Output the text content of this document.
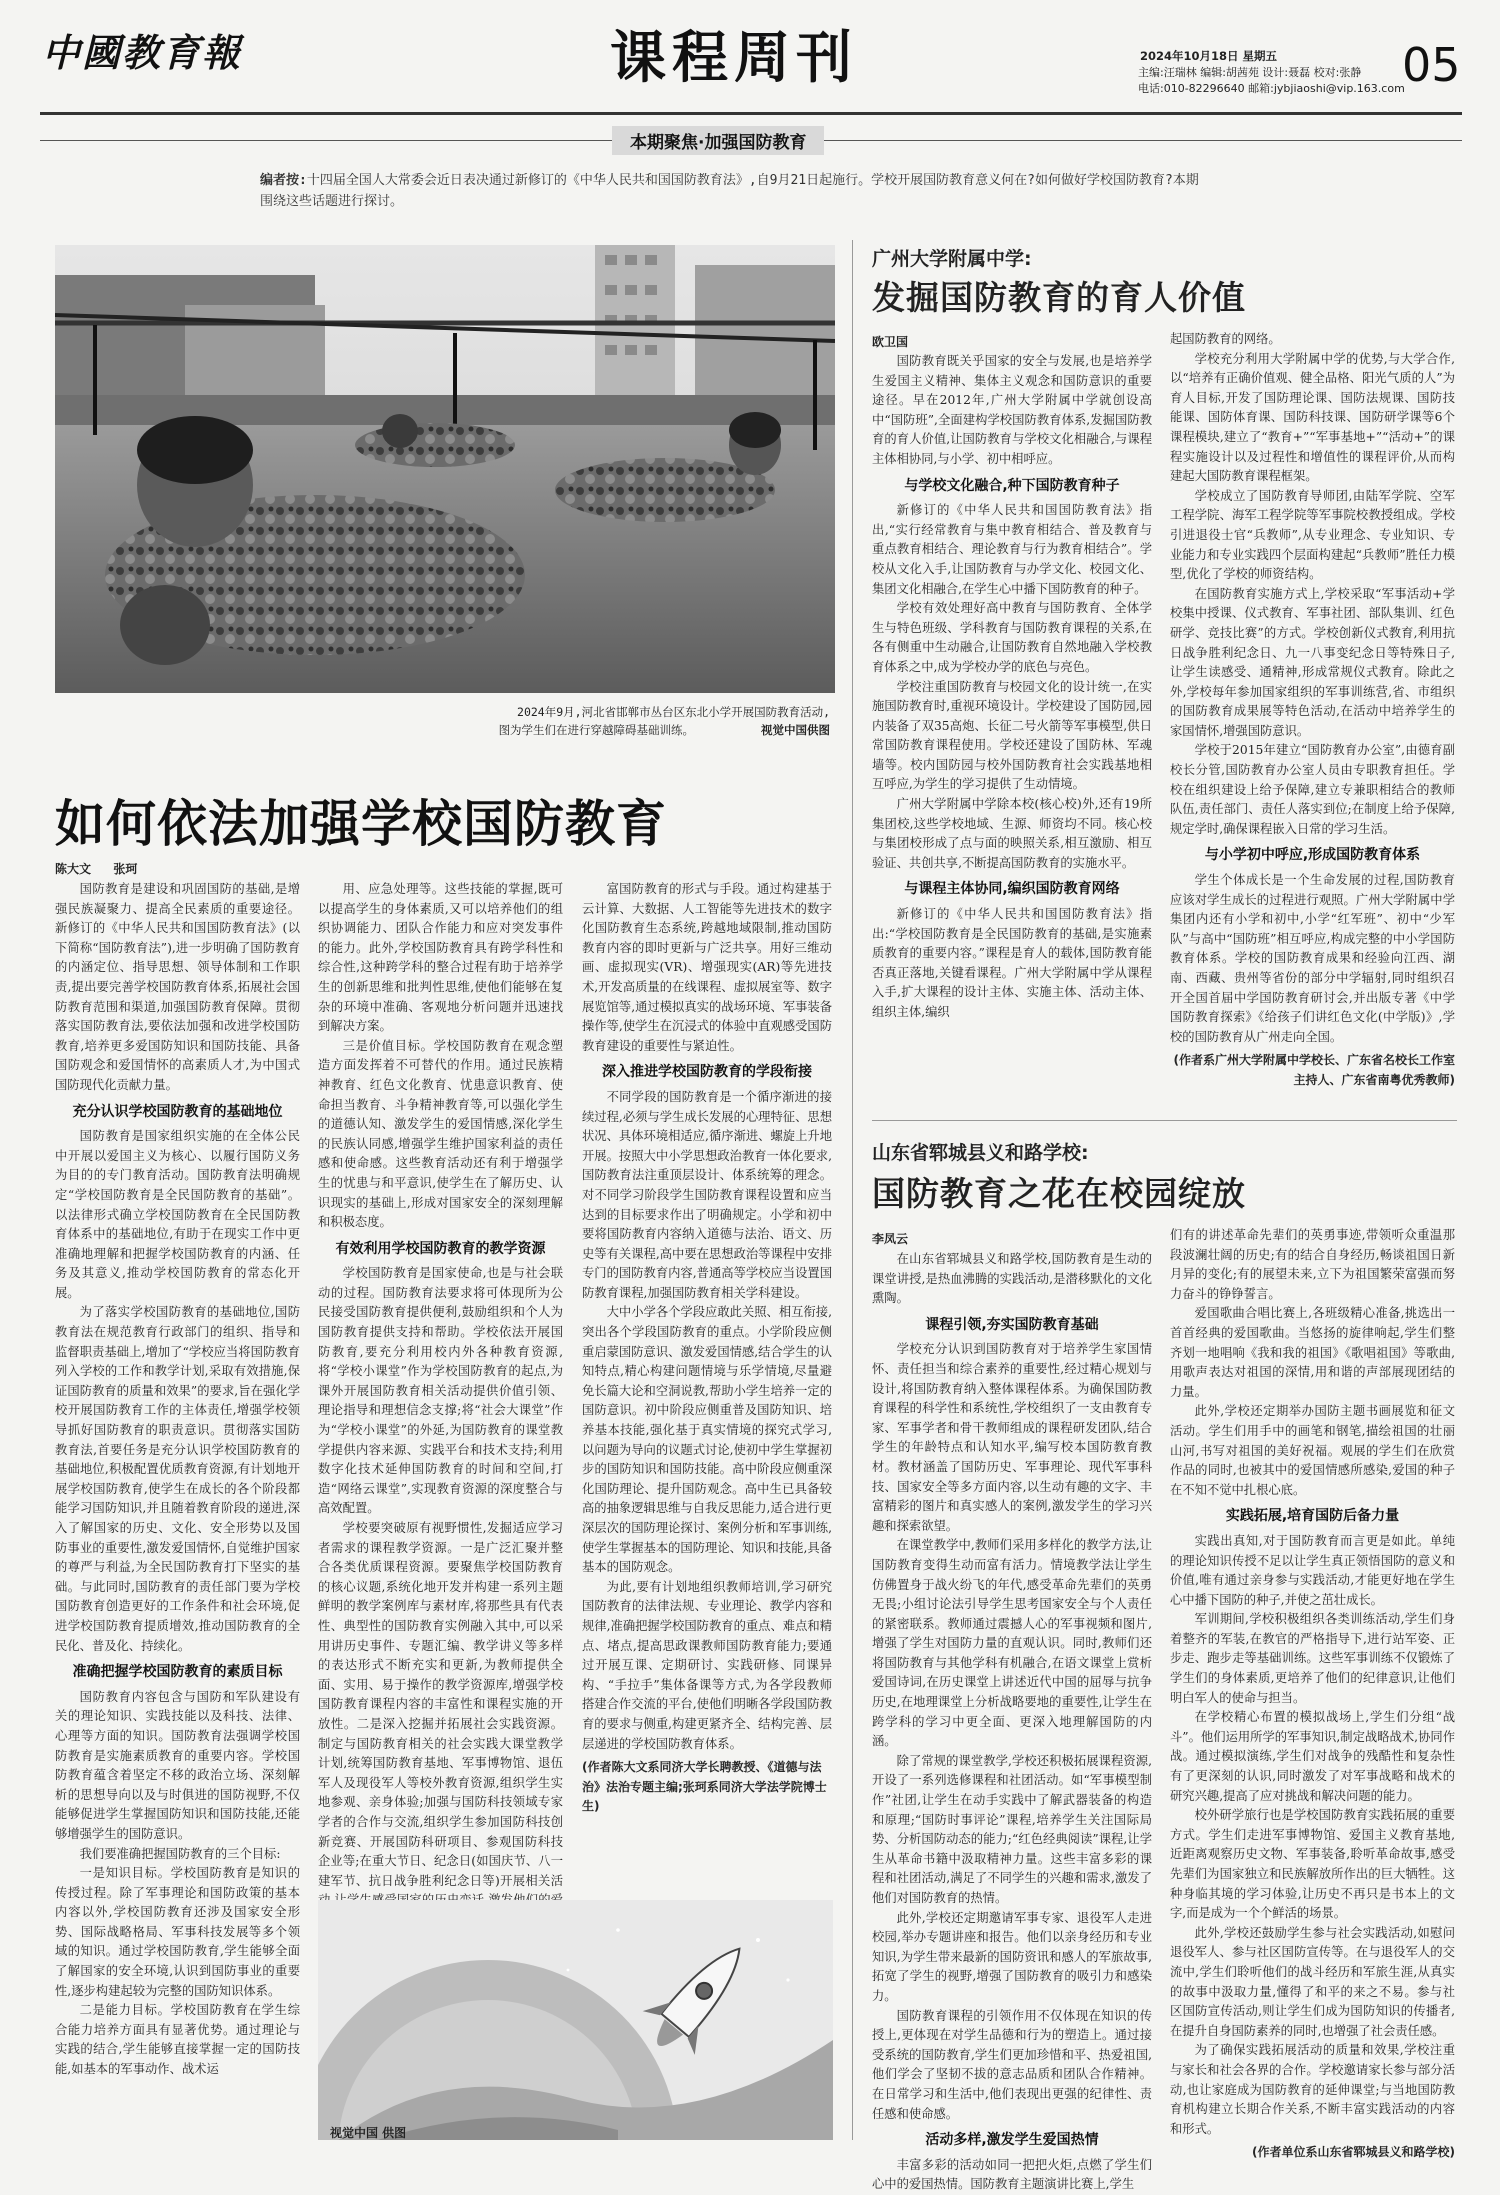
中國教育報	课程周刊	2024年10月18日 星期五
主编:汪瑞林 编辑:胡茜苑 设计:聂磊 校对:张静
电话:010-82296640 邮箱:jybjiaoshi@vip.163.com
05
本期聚焦·加强国防教育
编者按:十四届全国人大常委会近日表决通过新修订的《中华人民共和国国防教育法》,自9月21日起施行。学校开展国防教育意义何在?如何做好学校国防教育?本期围绕这些话题进行探讨。
2024年9月,河北省邯郸市丛台区东北小学开展国防教育活动,
图为学生们在进行穿越障碍基础训练。	视觉中国供图
如何依法加强学校国防教育
陈大文 张珂

国防教育是建设和巩固国防的基础,是增强民族凝聚力、提高全民素质的重要途径。新修订的《中华人民共和国国防教育法》(以下简称“国防教育法”),进一步明确了国防教育的内涵定位、指导思想、领导体制和工作职责,提出要完善学校国防教育体系,拓展社会国防教育范围和渠道,加强国防教育保障。贯彻落实国防教育法,要依法加强和改进学校国防教育,培养更多爱国防知识和国防技能、具备国防观念和爱国情怀的高素质人才,为中国式国防现代化贡献力量。

充分认识学校国防教育的基础地位

国防教育是国家组织实施的在全体公民中开展以爱国主义为核心、以履行国防义务为目的的专门教育活动。国防教育法明确规定“学校国防教育是全民国防教育的基础”。以法律形式确立学校国防教育在全民国防教育体系中的基础地位,有助于在现实工作中更准确地理解和把握学校国防教育的内涵、任务及其意义,推动学校国防教育的常态化开展。

为了落实学校国防教育的基础地位,国防教育法在规范教育行政部门的组织、指导和监督职责基础上,增加了“学校应当将国防教育列入学校的工作和教学计划,采取有效措施,保证国防教育的质量和效果”的要求,旨在强化学校开展国防教育工作的主体责任,增强学校领导抓好国防教育的职责意识。贯彻落实国防教育法,首要任务是充分认识学校国防教育的基础地位,积极配置优质教育资源,有计划地开展学校国防教育,使学生在成长的各个阶段都能学习国防知识,并且随着教育阶段的递进,深入了解国家的历史、文化、安全形势以及国防事业的重要性,激发爱国情怀,自觉维护国家的尊严与利益,为全民国防教育打下坚实的基础。与此同时,国防教育的责任部门要为学校国防教育创造更好的工作条件和社会环境,促进学校国防教育提质增效,推动国防教育的全民化、普及化、持续化。

准确把握学校国防教育的素质目标

国防教育内容包含与国防和军队建设有关的理论知识、实践技能以及科技、法律、心理等方面的知识。国防教育法强调学校国防教育是实施素质教育的重要内容。学校国防教育蕴含着坚定不移的政治立场、深刻解析的思想导向以及与时俱进的国防视野,不仅能够促进学生掌握国防知识和国防技能,还能够增强学生的国防意识。

我们要准确把握国防教育的三个目标:

一是知识目标。学校国防教育是知识的传授过程。除了军事理论和国防政策的基本内容以外,学校国防教育还涉及国家安全形势、国际战略格局、军事科技发展等多个领域的知识。通过学校国防教育,学生能够全面了解国家的安全环境,认识到国防事业的重要性,逐步构建起较为完整的国防知识体系。

二是能力目标。学校国防教育在学生综合能力培养方面具有显著优势。通过理论与实践的结合,学生能够直接掌握一定的国防技能,如基本的军事动作、战术运

用、应急处理等。这些技能的掌握,既可以提高学生的身体素质,又可以培养他们的组织协调能力、团队合作能力和应对突发事件的能力。此外,学校国防教育具有跨学科性和综合性,这种跨学科的整合过程有助于培养学生的创新思维和批判性思维,使他们能够在复杂的环境中准确、客观地分析问题并迅速找到解决方案。

三是价值目标。学校国防教育在观念塑造方面发挥着不可替代的作用。通过民族精神教育、红色文化教育、忧患意识教育、使命担当教育、斗争精神教育等,可以强化学生的道德认知、激发学生的爱国情感,深化学生的民族认同感,增强学生维护国家利益的责任感和使命感。这些教育活动还有利于增强学生的忧患与和平意识,使学生在了解历史、认识现实的基础上,形成对国家安全的深刻理解和积极态度。

有效利用学校国防教育的教学资源

学校国防教育是国家使命,也是与社会联动的过程。国防教育法要求将可体现所为公民接受国防教育提供便利,鼓励组织和个人为国防教育提供支持和帮助。学校依法开展国防教育,要充分利用校内外各种教育资源,将“学校小课堂”作为学校国防教育的起点,为课外开展国防教育相关活动提供价值引领、理论指导和理想信念支撑;将“社会大课堂”作为“学校小课堂”的外延,为国防教育的课堂教学提供内容来源、实践平台和技术支持;利用数字化技术延伸国防教育的时间和空间,打造“网络云课堂”,实现教育资源的深度整合与高效配置。

学校要突破原有视野惯性,发掘适应学习者需求的课程教学资源。一是广泛汇聚并整合各类优质课程资源。要聚焦学校国防教育的核心议题,系统化地开发并构建一系列主题鲜明的教学案例库与素材库,将那些具有代表性、典型性的国防教育实例融入其中,可以采用讲历史事件、专题汇编、教学讲义等多样的表达形式不断充实和更新,为教师提供全面、实用、易于操作的教学资源库,增强学校国防教育课程内容的丰富性和课程实施的开放性。二是深入挖掘并拓展社会实践资源。制定与国防教育相关的社会实践大课堂教学计划,统筹国防教育基地、军事博物馆、退伍军人及现役军人等校外教育资源,组织学生实地参观、亲身体验;加强与国防科技领域专家学者的合作与交流,组织学生参加国防科技创新竞赛、开展国防科研项目、参观国防科技企业等;在重大节日、纪念日(如国庆节、八一建军节、抗日战争胜利纪念日等)开展相关活

富国防教育的形式与手段。通过构建基于云计算、大数据、人工智能等先进技术的数字化国防教育生态系统,跨越地域限制,推动国防教育内容的即时更新与广泛共享。用好三维动画、虚拟现实(VR)、增强现实(AR)等先进技术,开发高质量的在线课程、虚拟展室等、数字展览馆等,通过模拟真实的战场环境、军事装备操作等,使学生在沉浸式的体验中直观感受国防教育建设的重要性与紧迫性。

深入推进学校国防教育的学段衔接

不同学段的国防教育是一个循序渐进的接续过程,必须与学生成长发展的心理特征、思想状况、具体环境相适应,循序渐进、螺旋上升地开展。按照大中小学思想政治教育一体化要求,国防教育法注重顶层设计、体系统筹的理念。对不同学习阶段学生国防教育课程设置和应当达到的目标要求作出了明确规定。小学和初中要将国防教育内容纳入道德与法治、语文、历史等有关课程,高中要在思想政治等课程中安排专门的国防教育内容,普通高等学校应当设置国防教育课程,加强国防教育相关学科建设。

大中小学各个学段应敢此关照、相互衔接,突出各个学段国防教育的重点。小学阶段应侧重启蒙国防意识、激发爱国情感,结合学生的认知特点,精心构建问题情境与乐学情境,尽量避免长篇大论和空洞说教,帮助小学生培养一定的国防意识。初中阶段应侧重普及国防知识、培养基本技能,强化基于真实情境的探究式学习,以问题为导向的议题式讨论,使初中学生掌握初步的国防知识和国防技能。高中阶段应侧重深化国防理论、提升国防观念。高中生已具备较高的抽象逻辑思维与自我反思能力,适合进行更深层次的国防理论探讨、案例分析和军事训练,使学生掌握基本的国防理论、知识和技能,具备基本的国防观念。

为此,要有计划地组织教师培训,学习研究国防教育的法律法规、专业理论、教学内容和规律,准确把握学校国防教育的重点、难点和精点、堵点,提高思政课教师国防教育能力;要通过开展互课、定期研讨、实践研修、同课异构、“手拉手”集体备课等方式,为各学段教师搭建合作交流的平台,使他们明晰各学段国防教育的要求与侧重,构建更紧齐全、结构完善、层层递进的学校国防教育体系。

(作者陈大文系同济大学长聘教授、《道德与法治》法治专题主编;张珂系同济大学法学院博士生)
视觉中国 供图
广州大学附属中学:
发掘国防教育的育人价值
欧卫国

国防教育既关乎国家的安全与发展,也是培养学生爱国主义精神、集体主义观念和国防意识的重要途径。早在2012年,广州大学附属中学就创设高中“国防班”,全面建构学校国防教育体系,发掘国防教育的育人价值,让国防教育与学校文化相融合,与课程主体相协同,与小学、初中相呼应。

与学校文化融合,种下国防教育种子

新修订的《中华人民共和国国防教育法》指出,“实行经常教育与集中教育相结合、普及教育与重点教育相结合、理论教育与行为教育相结合”。学校从文化入手,让国防教育与办学文化、校园文化、集团文化相融合,在学生心中播下国防教育的种子。

学校有效处理好高中教育与国防教育、全体学生与特色班级、学科教育与国防教育课程的关系,在各有侧重中生动融合,让国防教育自然地融入学校教育体系之中,成为学校办学的底色与亮色。

学校注重国防教育与校园文化的设计统一,在实施国防教育时,重视环境设计。学校建设了国防园,园内装备了双35高炮、长征二号火箭等军事模型,供日常国防教育课程使用。学校还建设了国防林、军魂墙等。校内国防园与校外国防教育社会实践基地相互呼应,为学生的学习提供了生动情境。

广州大学附属中学除本校(核心校)外,还有19所集团校,这些学校地域、生源、师资均不同。核心校与集团校形成了点与面的映照关系,相互激励、相互验证、共创共享,不断提高国防教育的实施水平。

与课程主体协同,编织国防教育网络

新修订的《中华人民共和国国防教育法》指出:“学校国防教育是全民国防教育的基础,是实施素质教育的重要内容。”课程是育人的载体,国防教育能否真正落地,关键看课程。广州大学附属中学从课程入手,扩大课程的设计主体、实施主体、活动主体、组织主体,编织

起国防教育的网络。

学校充分利用大学附属中学的优势,与大学合作,以“培养有正确价值观、健全品格、阳光气质的人”为育人目标,开发了国防理论课、国防法规课、国防技能课、国防体育课、国防科技课、国防研学课等6个课程模块,建立了“教育+”“军事基地+”“活动+”的课程实施设计以及过程性和增值性的课程评价,从而构建起大国防教育课程框架。

学校成立了国防教育导师团,由陆军学院、空军工程学院、海军工程学院等军事院校教授组成。学校引进退役士官“兵教师”,从专业理念、专业知识、专业能力和专业实践四个层面构建起“兵教师”胜任力模型,优化了学校的师资结构。

在国防教育实施方式上,学校采取“军事活动+学校集中授课、仪式教育、军事社团、部队集训、红色研学、竞技比赛”的方式。学校创新仪式教育,利用抗日战争胜利纪念日、九一八事变纪念日等特殊日子,让学生读感受、通精神,形成常规仪式教育。除此之外,学校每年参加国家组织的军事训练营,省、市组织的国防教育成果展等特色活动,在活动中培养学生的家国情怀,增强国防意识。

学校于2015年建立“国防教育办公室”,由德育副校长分管,国防教育办公室人员由专职教育担任。学校在组织建设上给予保障,建立专兼职相结合的教师队伍,责任部门、责任人落实到位;在制度上给予保障,规定学时,确保课程嵌入日常的学习生活。

与小学初中呼应,形成国防教育体系

学生个体成长是一个生命发展的过程,国防教育应该对学生成长的过程进行观照。广州大学附属中学集团内还有小学和初中,小学“红军班”、初中“少军队”与高中“国防班”相互呼应,构成完整的中小学国防教育体系。学校的国防教育成果和经验向江西、湖南、西藏、贵州等省份的部分中学辐射,同时组织召开全国首届中学国防教育研讨会,并出版专著《中学国防教育探索》《给孩子们讲红色文化(中学版)》,学校的国防教育从广州走向全国。

(作者系广州大学附属中学校长、广东省名校长工作室主持人、广东省南粤优秀教师)
山东省郓城县义和路学校:
国防教育之花在校园绽放
李凤云

在山东省郓城县义和路学校,国防教育是生动的课堂讲授,是热血沸腾的实践活动,是潜移默化的文化熏陶。

课程引领,夯实国防教育基础

学校充分认识到国防教育对于培养学生家国情怀、责任担当和综合素养的重要性,经过精心规划与设计,将国防教育纳入整体课程体系。为确保国防教育课程的科学性和系统性,学校组织了一支由教育专家、军事学者和骨干教师组成的课程研发团队,结合学生的年龄特点和认知水平,编写校本国防教育教材。教材涵盖了国防历史、军事理论、现代军事科技、国家安全等多方面内容,以生动有趣的文字、丰富精彩的图片和真实感人的案例,激发学生的学习兴趣和探索欲望。

在课堂教学中,教师们采用多样化的教学方法,让国防教育变得生动而富有活力。情境教学法让学生仿佛置身于战火纷飞的年代,感受革命先辈们的英勇无畏;小组讨论法引导学生思考国家安全与个人责任的紧密联系。教师通过震撼人心的军事视频和图片,增强了学生对国防力量的直观认识。同时,教师们还将国防教育与其他学科有机融合,在语文课堂上赏析爱国诗词,在历史课堂上讲述近代中国的屈辱与抗争历史,在地理课堂上分析战略要地的重要性,让学生在跨学科的学习中更全面、更深入地理解国防的内涵。

除了常规的课堂教学,学校还积极拓展课程资源,开设了一系列选修课程和社团活动。如“军事模型制作”社团,让学生在动手实践中了解武器装备的构造和原理;“国防时事评论”课程,培养学生关注国际局势、分析国防动态的能力;“红色经典阅读”课程,让学生从革命书籍中汲取精神力量。这些丰富多彩的课程和社团活动,满足了不同学生的兴趣和需求,激发了他们对国防教育的热情。

此外,学校还定期邀请军事专家、退役军人走进校园,举办专题讲座和报告。他们以亲身经历和专业知识,为学生带来最新的国防资讯和感人的军旅故事,拓宽了学生的视野,增强了国防教育的吸引力和感染力。

国防教育课程的引领作用不仅体现在知识的传授上,更体现在对学生品德和行为的塑造上。通过接受系统的国防教育,学生们更加珍惜和平、热爱祖国,他们学会了坚韧不拔的意志品质和团队合作精神。在日常学习和生活中,他们表现出更强的纪律性、责任感和使命感。

活动多样,激发学生爱国热情

丰富多彩的活动如同一把把火炬,点燃了学生们心中的爱国热情。国防教育主题演讲比赛上,学生

们有的讲述革命先辈们的英勇事迹,带领听众重温那段波澜壮阔的历史;有的结合自身经历,畅谈祖国日新月异的变化;有的展望未来,立下为祖国繁荣富强而努力奋斗的铮铮誓言。

爱国歌曲合唱比赛上,各班级精心准备,挑选出一首首经典的爱国歌曲。当悠扬的旋律响起,学生们整齐划一地唱响《我和我的祖国》《歌唱祖国》等歌曲,用歌声表达对祖国的深情,用和谐的声部展现团结的力量。

此外,学校还定期举办国防主题书画展览和征文活动。学生们用手中的画笔和钢笔,描绘祖国的壮丽山河,书写对祖国的美好祝福。观展的学生们在欣赏作品的同时,也被其中的爱国情感所感染,爱国的种子在不知不觉中扎根心底。

实践拓展,培育国防后备力量

实践出真知,对于国防教育而言更是如此。单纯的理论知识传授不足以让学生真正领悟国防的意义和价值,唯有通过亲身参与实践活动,才能更好地在学生心中播下国防的种子,并使之茁壮成长。

军训期间,学校积极组织各类训练活动,学生们身着整齐的军装,在教官的严格指导下,进行站军姿、正步走、跑步走等基础训练。这些军事训练不仅锻炼了学生们的身体素质,更培养了他们的纪律意识,让他们明白军人的使命与担当。

在学校精心布置的模拟战场上,学生们分组“战斗”。他们运用所学的军事知识,制定战略战术,协同作战。通过模拟演练,学生们对战争的残酷性和复杂性有了更深刻的认识,同时激发了对军事战略和战术的研究兴趣,提高了应对挑战和解决问题的能力。

校外研学旅行也是学校国防教育实践拓展的重要方式。学生们走进军事博物馆、爱国主义教育基地,近距离观察历史文物、军事装备,聆听革命故事,感受先辈们为国家独立和民族解放所作出的巨大牺牲。这种身临其境的学习体验,让历史不再只是书本上的文字,而是成为一个个鲜活的场景。

此外,学校还鼓励学生参与社会实践活动,如慰问退役军人、参与社区国防宣传等。在与退役军人的交流中,学生们聆听他们的战斗经历和军旅生涯,从真实的故事中汲取力量,懂得了和平的来之不易。参与社区国防宣传活动,则让学生们成为国防知识的传播者,在提升自身国防素养的同时,也增强了社会责任感。

为了确保实践拓展活动的质量和效果,学校注重与家长和社会各界的合作。学校邀请家长参与部分活动,也让家庭成为国防教育的延伸课堂;与当地国防教育机构建立长期合作关系,不断丰富实践活动的内容和形式。

(作者单位系山东省郓城县义和路学校)
